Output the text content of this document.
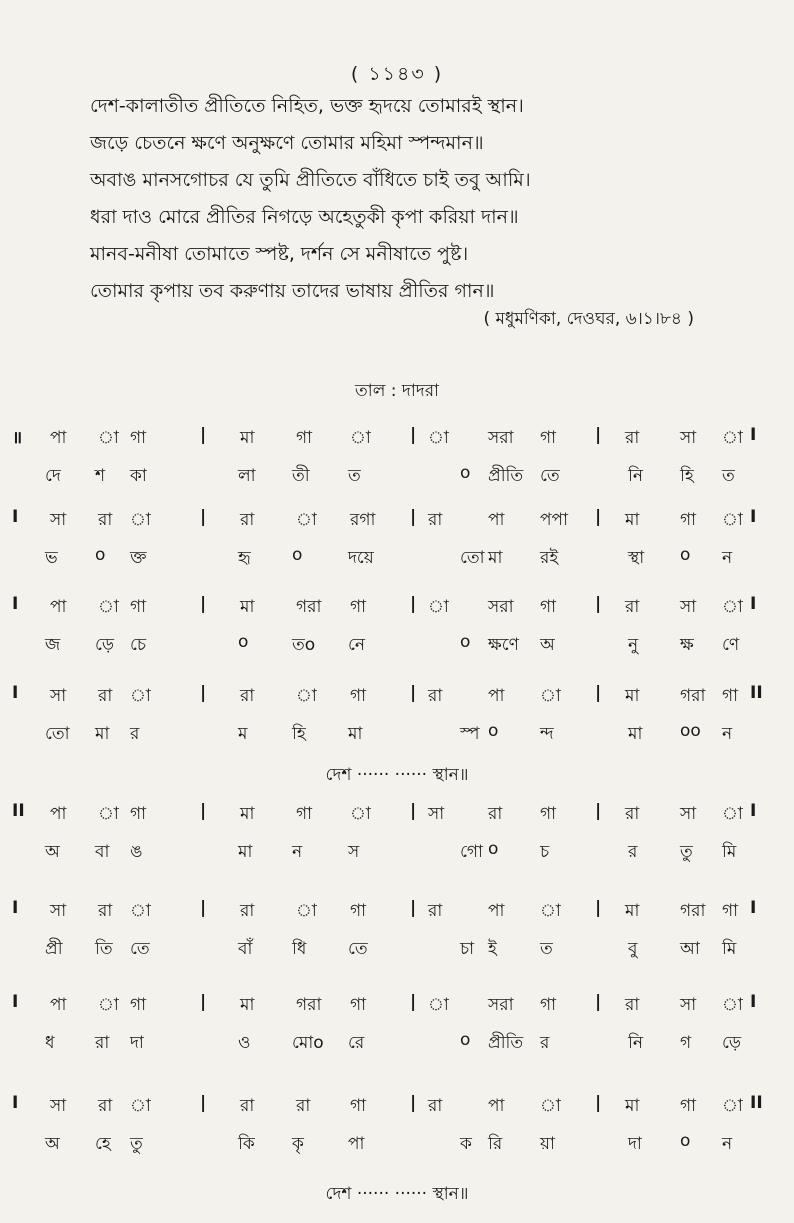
( ১১৪৩ )
দেশ-কালাতীত প্রীতিতে নিহিত, ভক্ত হৃদয়ে তোমারই স্থান।
জড়ে চেতনে ক্ষণে অনুক্ষণে তোমার মহিমা স্পন্দমান॥
অবাঙ মানসগোচর যে তুমি প্রীতিতে বাঁধিতে চাই তবু আমি।
ধরা দাও মোরে প্রীতির নিগড়ে অহেতুকী কৃপা করিয়া দান॥
মানব-মনীষা তোমাতে স্পষ্ট, দর্শন সে মনীষাতে পুষ্ট।
তোমার কৃপায় তব করুণায় তাদের ভাষায় প্রীতির গান॥
( মধুমণিকা, দেওঘর, ৬।১।৮৪ )
তাল : দাদরা
॥ পা া গা	| মা গা া | া সরা গা | রা সা া I
দে শ কা	লা তী ত	o প্রীতি তে	নি হি ত
I সা রা া	| রা া রগা | রা	পা পপা | মা গা া I
ভ o ক্ত	হৃ o	দয়ে	তো মা রই	স্থা o ন
I পা া গা	| মা গরা গা	| া সরা গা | রা সা া I
জ ড়ে চে	o	তo নে	o ক্ষণে অ	নু ক্ষ ণে
I সা রা া	| রা া গা	| রা	পা া | মা গরা গা II
তো মা র	ম	হি মা	স্প o ন্দ	মা oo ন
II পা া গা	| মা গা া | সা	রা গা | রা সা া I
অ বা ঙ	মা ন	স	গো o চ	র	তু মি
I সা রা া	| রা া গা	| রা	পা া | মা গরা গা I
প্রী তি তে	বাঁ ধি তে	চা ই	ত	বু	আ মি
I পা া গা	| মা গরা গা	| া সরা গা | রা সা া I
ধ রা দা	ও মোo রে	o প্রীতি র	নি গ ড়ে
I সা রা া	| রা রা গা	| রা	পা া | মা গা া II
অ হে তু	কি কৃ	পা	ক রি য়া	দা o ন
দেশ ······ ······ স্থান॥
দেশ ······ ······ স্থান॥
